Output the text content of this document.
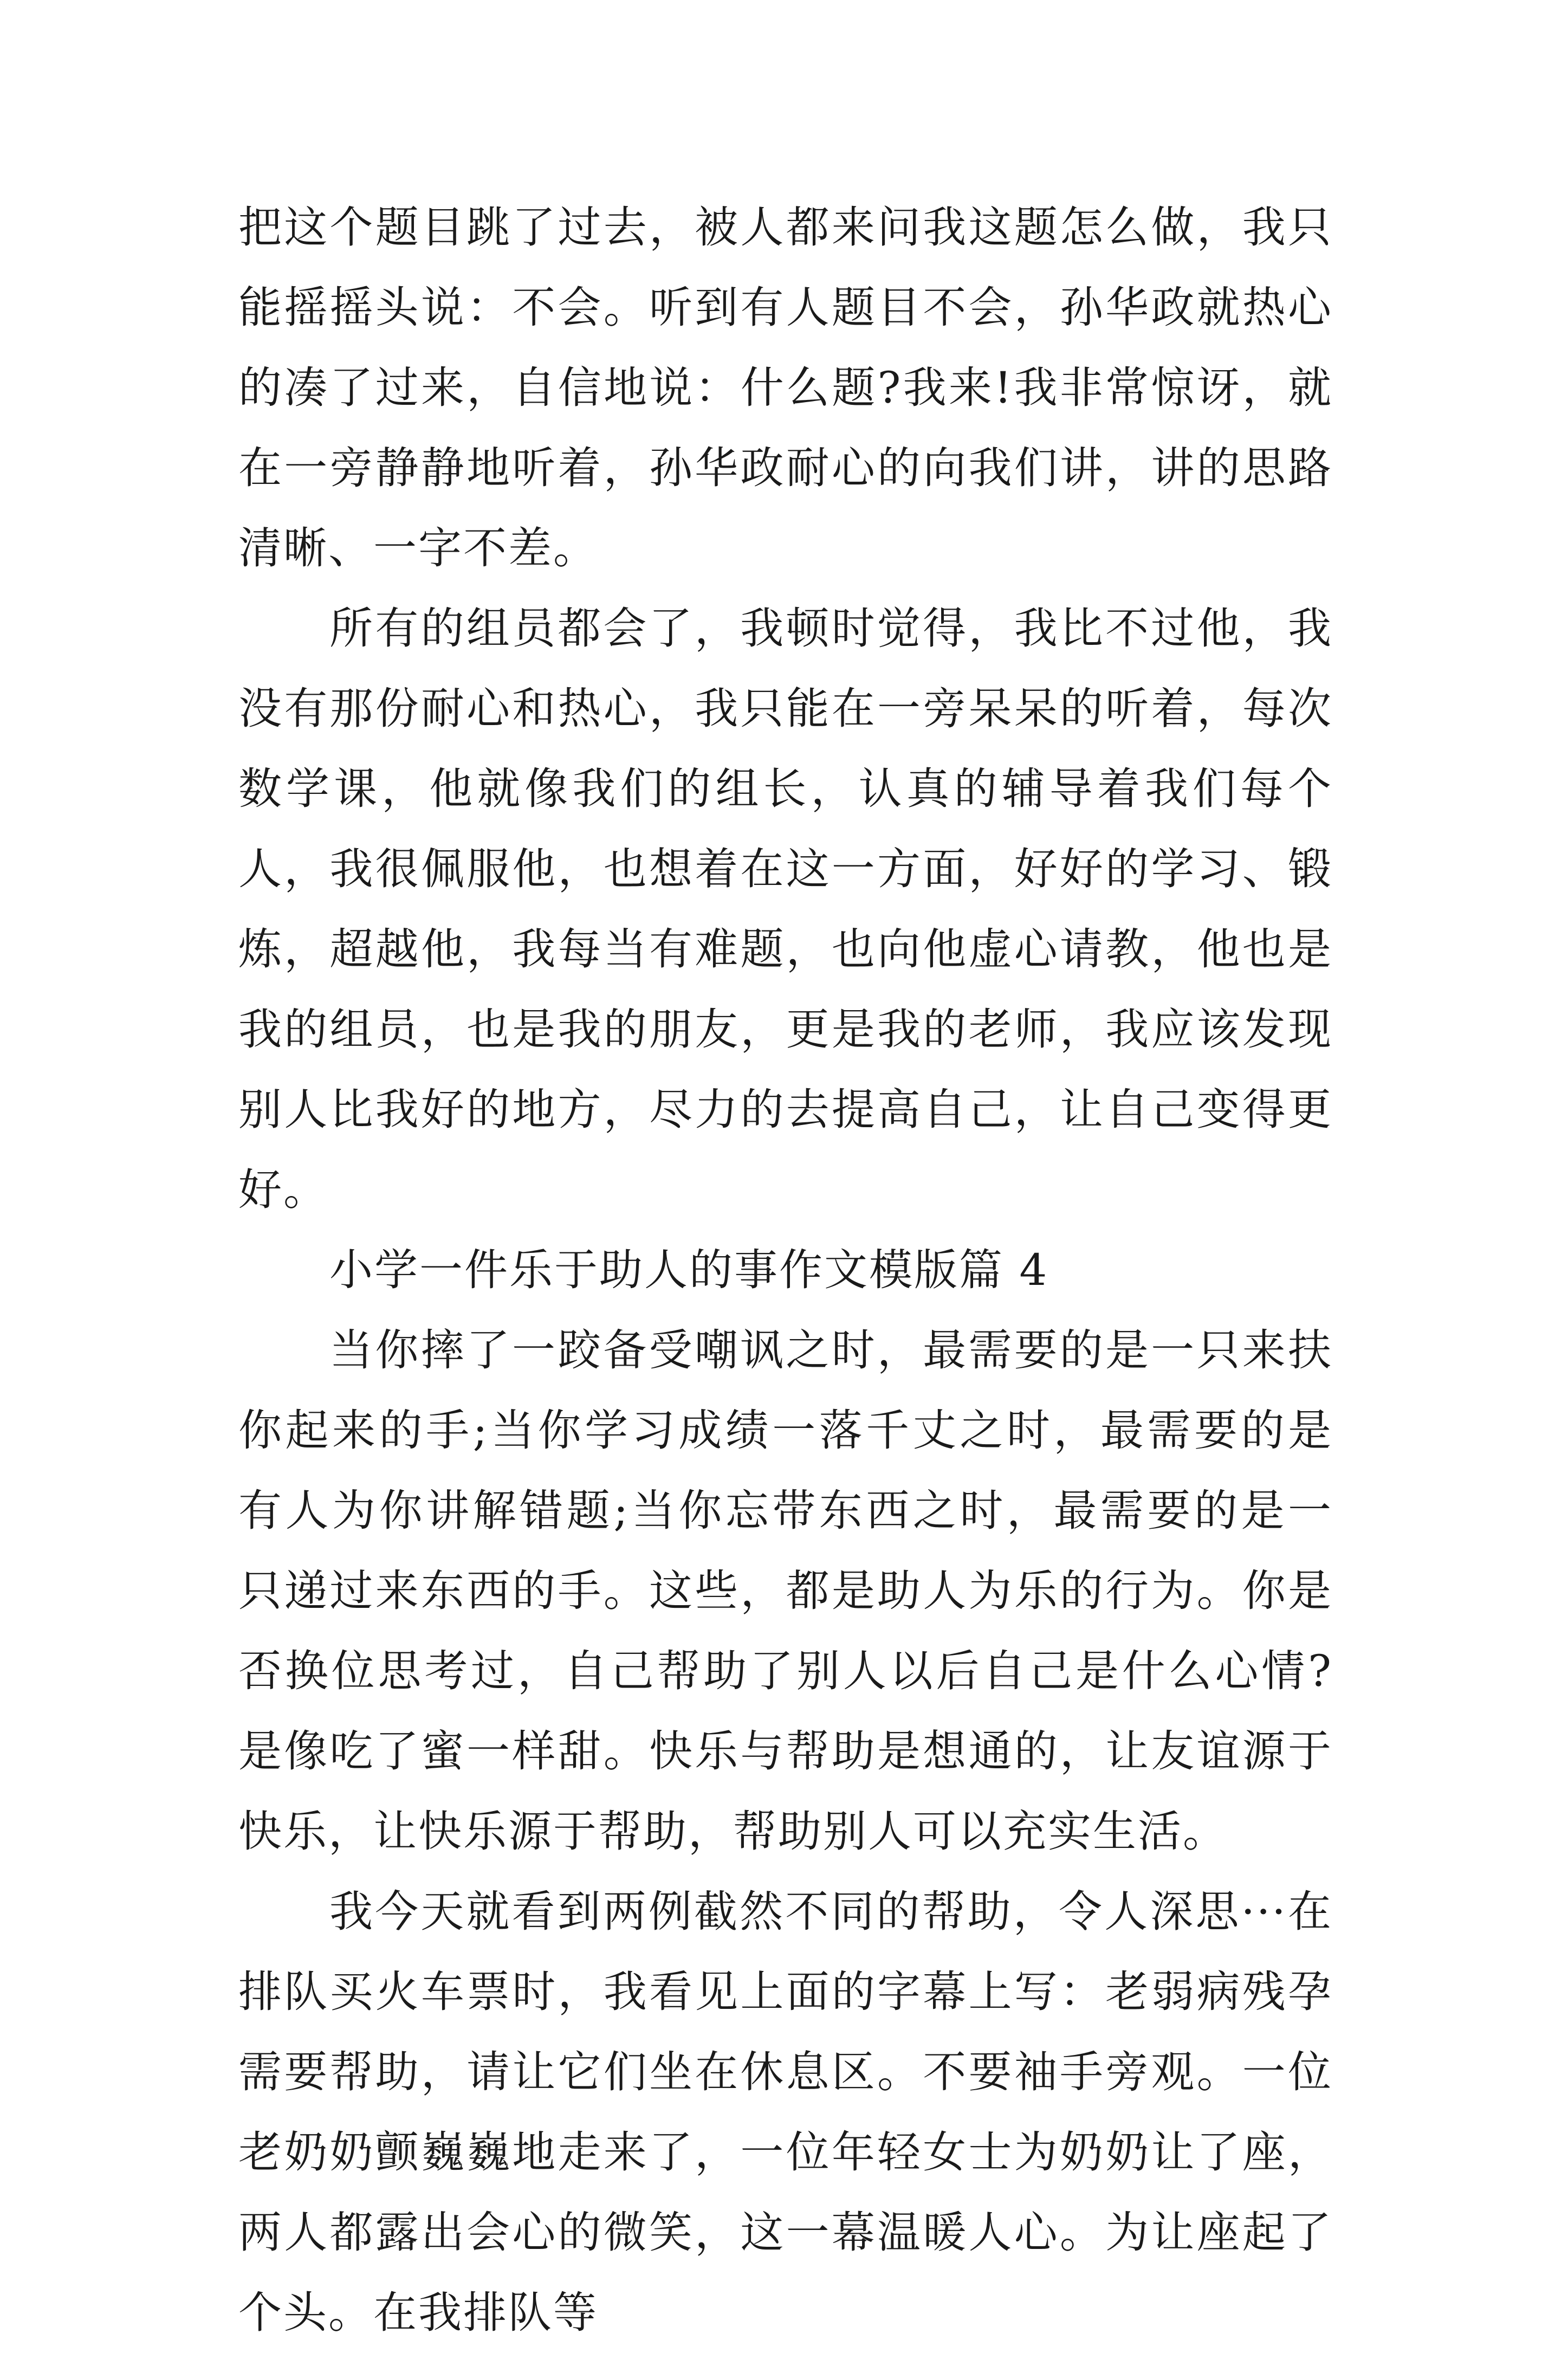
把这个题目跳了过去，被人都来问我这题怎么做，我只能摇摇头说：不会。听到有人题目不会，孙华政就热心的凑了过来，自信地说：什么题?我来!我非常惊讶，就在一旁静静地听着，孙华政耐心的向我们讲，讲的思路清晰、一字不差。

所有的组员都会了，我顿时觉得，我比不过他，我没有那份耐心和热心，我只能在一旁呆呆的听着，每次数学课，他就像我们的组长，认真的辅导着我们每个人，我很佩服他，也想着在这一方面，好好的学习、锻炼，超越他，我每当有难题，也向他虚心请教，他也是我的组员，也是我的朋友，更是我的老师，我应该发现别人比我好的地方，尽力的去提高自己，让自己变得更好。

小学一件乐于助人的事作文模版篇 4

当你摔了一跤备受嘲讽之时，最需要的是一只来扶你起来的手;当你学习成绩一落千丈之时，最需要的是有人为你讲解错题;当你忘带东西之时，最需要的是一只递过来东西的手。这些，都是助人为乐的行为。你是否换位思考过，自己帮助了别人以后自己是什么心情?是像吃了蜜一样甜。快乐与帮助是想通的，让友谊源于快乐，让快乐源于帮助，帮助别人可以充实生活。

我今天就看到两例截然不同的帮助，令人深思···在排队买火车票时，我看见上面的字幕上写：老弱病残孕需要帮助，请让它们坐在休息区。不要袖手旁观。一位老奶奶颤巍巍地走来了，一位年轻女士为奶奶让了座，两人都露出会心的微笑，这一幕温暖人心。为让座起了个头。在我排队等
